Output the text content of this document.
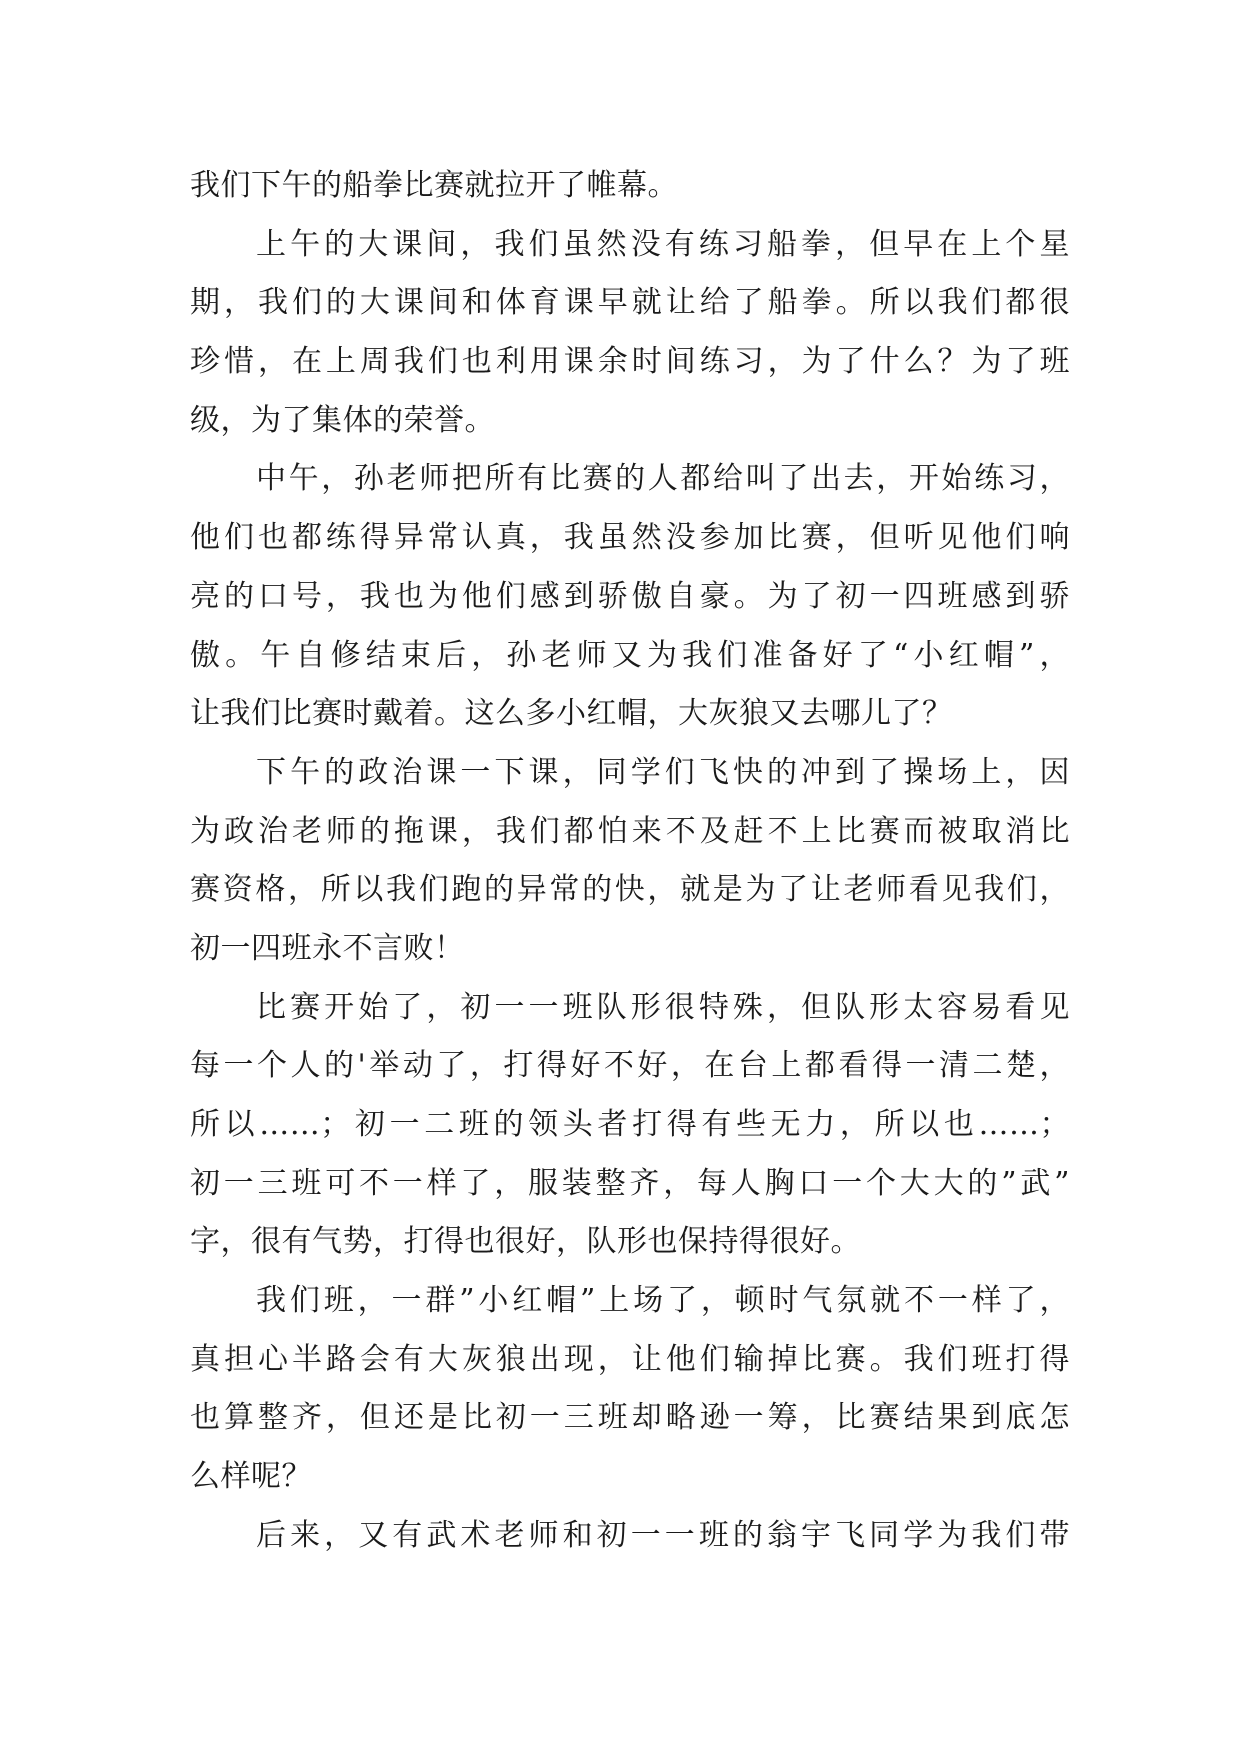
我们下午的船拳比赛就拉开了帷幕。
上午的大课间，我们虽然没有练习船拳，但早在上个星
期，我们的大课间和体育课早就让给了船拳。所以我们都很
珍惜，在上周我们也利用课余时间练习，为了什么？为了班
级，为了集体的荣誉。
中午，孙老师把所有比赛的人都给叫了出去，开始练习，
他们也都练得异常认真，我虽然没参加比赛，但听见他们响
亮的口号，我也为他们感到骄傲自豪。为了初一四班感到骄
傲。午自修结束后，孙老师又为我们准备好了“小红帽”，
让我们比赛时戴着。这么多小红帽，大灰狼又去哪儿了？
下午的政治课一下课，同学们飞快的冲到了操场上，因
为政治老师的拖课，我们都怕来不及赶不上比赛而被取消比
赛资格，所以我们跑的异常的快，就是为了让老师看见我们，
初一四班永不言败！
比赛开始了，初一一班队形很特殊，但队形太容易看见
每一个人的'举动了，打得好不好，在台上都看得一清二楚，
所以……；初一二班的领头者打得有些无力，所以也……；
初一三班可不一样了，服装整齐，每人胸口一个大大的”武”
字，很有气势，打得也很好，队形也保持得很好。
我们班，一群”小红帽”上场了，顿时气氛就不一样了，
真担心半路会有大灰狼出现，让他们输掉比赛。我们班打得
也算整齐，但还是比初一三班却略逊一筹，比赛结果到底怎
么样呢？
后来，又有武术老师和初一一班的翁宇飞同学为我们带
